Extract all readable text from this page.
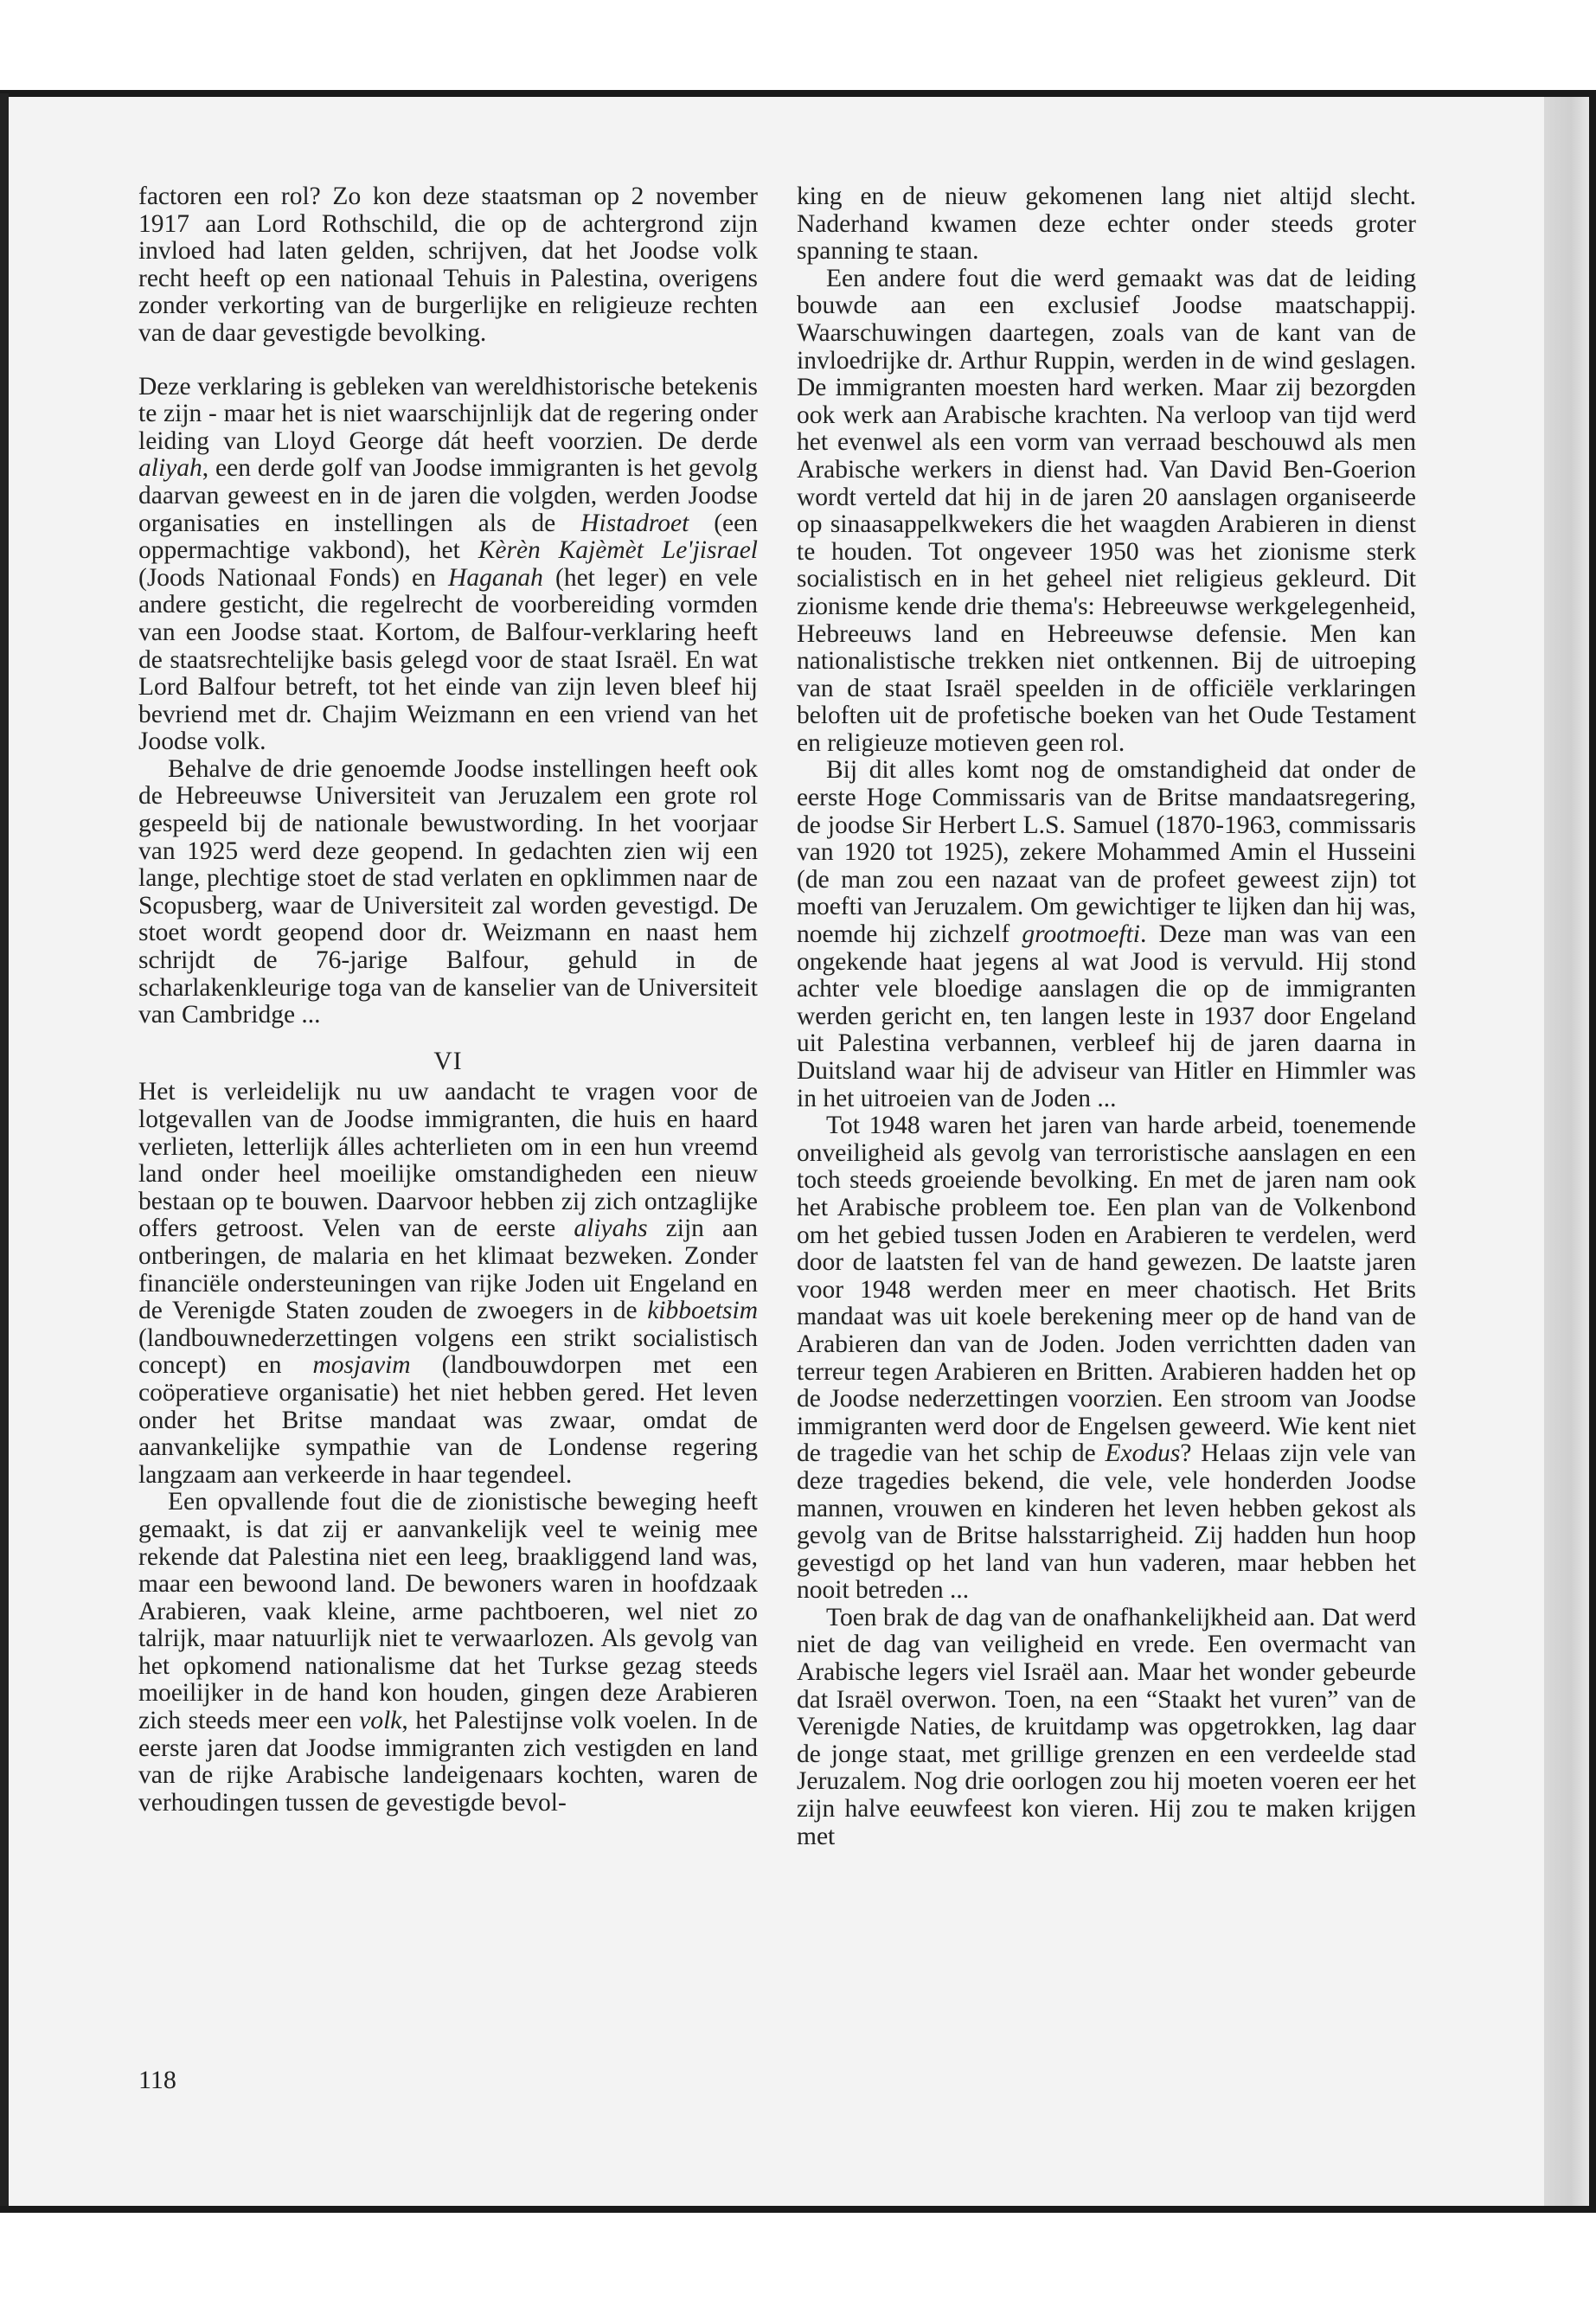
factoren een rol? Zo kon deze staatsman op 2 november 1917 aan Lord Rothschild, die op de achtergrond zijn invloed had laten gelden, schrijven, dat het Joodse volk recht heeft op een nationaal Tehuis in Palestina, overigens zonder verkorting van de burgerlijke en religieuze rechten van de daar gevestigde bevolking.

Deze verklaring is gebleken van wereldhistorische betekenis te zijn - maar het is niet waarschijnlijk dat de regering onder leiding van Lloyd George dát heeft voorzien. De derde aliyah, een derde golf van Joodse immigranten is het gevolg daarvan geweest en in de jaren die volgden, werden Joodse organisaties en instellingen als de Histadroet (een oppermachtige vakbond), het Kèrèn Kajèmèt Le'jisrael (Joods Nationaal Fonds) en Haganah (het leger) en vele andere gesticht, die regelrecht de voorbereiding vormden van een Joodse staat. Kortom, de Balfour-verklaring heeft de staatsrechtelijke basis gelegd voor de staat Israël. En wat Lord Balfour betreft, tot het einde van zijn leven bleef hij bevriend met dr. Chajim Weizmann en een vriend van het Joodse volk.

Behalve de drie genoemde Joodse instellingen heeft ook de Hebreeuwse Universiteit van Jeruzalem een grote rol gespeeld bij de nationale bewustwording. In het voorjaar van 1925 werd deze geopend. In gedachten zien wij een lange, plechtige stoet de stad verlaten en opklimmen naar de Scopusberg, waar de Universiteit zal worden gevestigd. De stoet wordt geopend door dr. Weizmann en naast hem schrijdt de 76-jarige Balfour, gehuld in de scharlakenkleurige toga van de kanselier van de Universiteit van Cambridge ...

VI

Het is verleidelijk nu uw aandacht te vragen voor de lotgevallen van de Joodse immigranten, die huis en haard verlieten, letterlijk álles achterlieten om in een hun vreemd land onder heel moeilijke omstandigheden een nieuw bestaan op te bouwen. Daarvoor hebben zij zich ontzaglijke offers getroost. Velen van de eerste aliyahs zijn aan ontberingen, de malaria en het klimaat bezweken. Zonder financiële ondersteuningen van rijke Joden uit Engeland en de Verenigde Staten zouden de zwoegers in de kibboetsim (landbouwnederzettingen volgens een strikt socialistisch concept) en mosjavim (landbouwdorpen met een coöperatieve organisatie) het niet hebben gered. Het leven onder het Britse mandaat was zwaar, omdat de aanvankelijke sympathie van de Londense regering langzaam aan verkeerde in haar tegendeel.

Een opvallende fout die de zionistische beweging heeft gemaakt, is dat zij er aanvankelijk veel te weinig mee rekende dat Palestina niet een leeg, braakliggend land was, maar een bewoond land. De bewoners waren in hoofdzaak Arabieren, vaak kleine, arme pachtboeren, wel niet zo talrijk, maar natuurlijk niet te verwaarlozen. Als gevolg van het opkomend nationalisme dat het Turkse gezag steeds moeilijker in de hand kon houden, gingen deze Arabieren zich steeds meer een volk, het Palestijnse volk voelen. In de eerste jaren dat Joodse immigranten zich vestigden en land van de rijke Arabische landeigenaars kochten, waren de verhoudingen tussen de gevestigde bevol-

king en de nieuw gekomenen lang niet altijd slecht. Naderhand kwamen deze echter onder steeds groter spanning te staan.

Een andere fout die werd gemaakt was dat de leiding bouwde aan een exclusief Joodse maatschappij. Waarschuwingen daartegen, zoals van de kant van de invloedrijke dr. Arthur Ruppin, werden in de wind geslagen. De immigranten moesten hard werken. Maar zij bezorgden ook werk aan Arabische krachten. Na verloop van tijd werd het evenwel als een vorm van verraad beschouwd als men Arabische werkers in dienst had. Van David Ben-Goerion wordt verteld dat hij in de jaren 20 aanslagen organiseerde op sinaasappelkwekers die het waagden Arabieren in dienst te houden. Tot ongeveer 1950 was het zionisme sterk socialistisch en in het geheel niet religieus gekleurd. Dit zionisme kende drie thema's: Hebreeuwse werkgelegenheid, Hebreeuws land en Hebreeuwse defensie. Men kan nationalistische trekken niet ontkennen. Bij de uitroeping van de staat Israël speelden in de officiële verklaringen beloften uit de profetische boeken van het Oude Testament en religieuze motieven geen rol.

Bij dit alles komt nog de omstandigheid dat onder de eerste Hoge Commissaris van de Britse mandaatsregering, de joodse Sir Herbert L.S. Samuel (1870-1963, commissaris van 1920 tot 1925), zekere Mohammed Amin el Husseini (de man zou een nazaat van de profeet geweest zijn) tot moefti van Jeruzalem. Om gewichtiger te lijken dan hij was, noemde hij zichzelf grootmoefti. Deze man was van een ongekende haat jegens al wat Jood is vervuld. Hij stond achter vele bloedige aanslagen die op de immigranten werden gericht en, ten langen leste in 1937 door Engeland uit Palestina verbannen, verbleef hij de jaren daarna in Duitsland waar hij de adviseur van Hitler en Himmler was in het uitroeien van de Joden ...

Tot 1948 waren het jaren van harde arbeid, toenemende onveiligheid als gevolg van terroristische aanslagen en een toch steeds groeiende bevolking. En met de jaren nam ook het Arabische probleem toe. Een plan van de Volkenbond om het gebied tussen Joden en Arabieren te verdelen, werd door de laatsten fel van de hand gewezen. De laatste jaren voor 1948 werden meer en meer chaotisch. Het Brits mandaat was uit koele berekening meer op de hand van de Arabieren dan van de Joden. Joden verrichtten daden van terreur tegen Arabieren en Britten. Arabieren hadden het op de Joodse nederzettingen voorzien. Een stroom van Joodse immigranten werd door de Engelsen geweerd. Wie kent niet de tragedie van het schip de Exodus? Helaas zijn vele van deze tragedies bekend, die vele, vele honderden Joodse mannen, vrouwen en kinderen het leven hebben gekost als gevolg van de Britse halsstarrigheid. Zij hadden hun hoop gevestigd op het land van hun vaderen, maar hebben het nooit betreden ...

Toen brak de dag van de onafhankelijkheid aan. Dat werd niet de dag van veiligheid en vrede. Een overmacht van Arabische legers viel Israël aan. Maar het wonder gebeurde dat Israël overwon. Toen, na een “Staakt het vuren” van de Verenigde Naties, de kruitdamp was opgetrokken, lag daar de jonge staat, met grillige grenzen en een verdeelde stad Jeruzalem. Nog drie oorlogen zou hij moeten voeren eer het zijn halve eeuwfeest kon vieren. Hij zou te maken krijgen met

118
